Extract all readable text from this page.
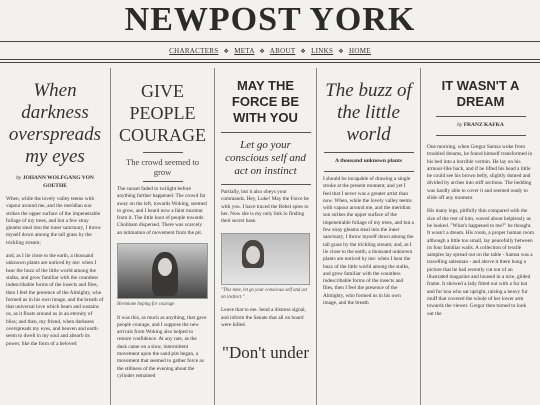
NEWPOST YORK
CHARACTERS ❖ META ❖ ABOUT ❖ LINKS ❖ HOME
When darkness overspreads my eyes
by JOHANN WOLFGANG VON GOETHE

When, while the lovely valley teems with vapour around me, and the meridian sun strikes the upper surface of the impenetrable foliage of my trees, and but a few stray gleams steal into the inner sanctuary, I throw myself down among the tall grass by the trickling stream;

and, as I lie close to the earth, a thousand unknown plants are noticed by me: when I hear the buzz of the little world among the stalks, and grow familiar with the countless indescribable forms of the insects and flies, then I feel the presence of the Almighty, who formed us in his own image, and the breath of that universal love which bears and sustains us, as it floats around us in an eternity of bliss; and then, my friend, when darkness overspreads my eyes, and heaven and earth seem to dwell in my soul and absorb its power, like the form of a beloved

GIVE PEOPLE COURAGE
The crowd seemed to grow

The sunset faded to twilight before anything further happened. The crowd far away on the left, towards Woking, seemed to grow, and I heard now a faint murmur from it. The little knot of people towards Chobham dispersed. There was scarcely an intimation of movement from the pit.

Hermione hoping for courage

It was this, as much as anything, that gave people courage, and I suppose the new arrivals from Woking also helped to restore confidence. At any rate, as the dusk came on a slow, intermittent movement upon the sand pits began, a movement that seemed to gather force as the stillness of the evening about the cylinder remained

MAY THE FORCE BE WITH YOU
Let go your conscious self and act on instinct

Partially, but it also obeys your commands. Hey, Luke! May the Force be with you. I have traced the Rebel spies to her. Now she is my only link to finding their secret base.

"This time, let go your conscious self and act on instinct."

Leave that to me. Send a distress signal, and inform the Senate that all on board were killed.

"Don't under
The buzz of the little world
A thousand unknown plants

I should be incapable of drawing a single stroke at the present moment; and yet I feel that I never was a greater artist than now. When, while the lovely valley teems with vapour around me, and the meridian sun strikes the upper surface of the impenetrable foliage of my trees, and but a few stray gleams steal into the inner sanctuary, I throw myself down among the tall grass by the trickling stream; and, as I lie close to the earth, a thousand unknown plants are noticed by me: when I hear the buzz of the little world among the stalks, and grow familiar with the countless indescribable forms of the insects and flies, then I feel the presence of the Almighty, who formed us in his own image, and the breath

IT WASN'T A DREAM
by FRANZ KAFKA

One morning, when Gregor Samsa woke from troubled dreams, he found himself transformed in his bed into a horrible vermin. He lay on his armour-like back, and if he lifted his head a little he could see his brown belly, slightly domed and divided by arches into stiff sections. The bedding was hardly able to cover it and seemed ready to slide off any moment.

His many legs, pitifully thin compared with the size of the rest of him, waved about helplessly as he looked. "What's happened to me?" he thought. It wasn't a dream. His room, a proper human room although a little too small, lay peacefully between its four familiar walls. A collection of textile samples lay spread out on the table - Samsa was a travelling salesman - and above it there hung a picture that he had recently cut out of an illustrated magazine and housed in a nice, gilded frame. It showed a lady fitted out with a fur hat and fur boa who sat upright, raising a heavy fur muff that covered the whole of her lower arm towards the viewer. Gregor then turned to look out the
